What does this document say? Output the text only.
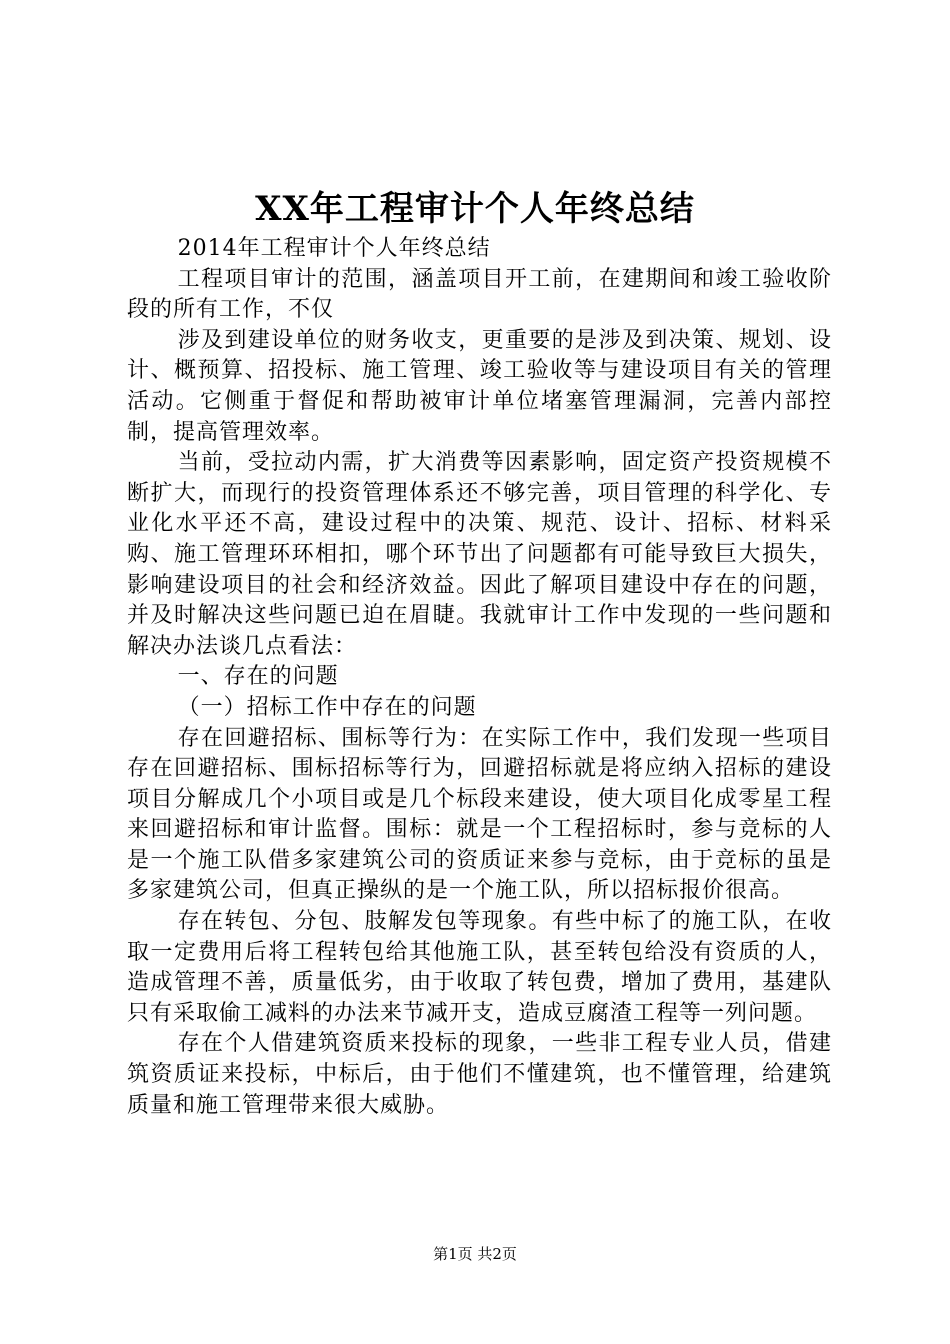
XX年工程审计个人年终总结

2014年工程审计个人年终总结

工程项目审计的范围，涵盖项目开工前，在建期间和竣工验收阶段的所有工作，不仅

涉及到建设单位的财务收支，更重要的是涉及到决策、规划、设计、概预算、招投标、施工管理、竣工验收等与建设项目有关的管理活动。它侧重于督促和帮助被审计单位堵塞管理漏洞，完善内部控制，提高管理效率。

当前，受拉动内需，扩大消费等因素影响，固定资产投资规模不断扩大，而现行的投资管理体系还不够完善，项目管理的科学化、专业化水平还不高，建设过程中的决策、规范、设计、招标、材料采购、施工管理环环相扣，哪个环节出了问题都有可能导致巨大损失，影响建设项目的社会和经济效益。因此了解项目建设中存在的问题，并及时解决这些问题已迫在眉睫。我就审计工作中发现的一些问题和解决办法谈几点看法：

一、存在的问题

（一）招标工作中存在的问题

存在回避招标、围标等行为：在实际工作中，我们发现一些项目存在回避招标、围标招标等行为，回避招标就是将应纳入招标的建设项目分解成几个小项目或是几个标段来建设，使大项目化成零星工程来回避招标和审计监督。围标：就是一个工程招标时，参与竞标的人是一个施工队借多家建筑公司的资质证来参与竞标，由于竞标的虽是多家建筑公司，但真正操纵的是一个施工队，所以招标报价很高。

存在转包、分包、肢解发包等现象。有些中标了的施工队，在收取一定费用后将工程转包给其他施工队，甚至转包给没有资质的人，造成管理不善，质量低劣，由于收取了转包费，增加了费用，基建队只有采取偷工减料的办法来节减开支，造成豆腐渣工程等一列问题。

存在个人借建筑资质来投标的现象，一些非工程专业人员，借建筑资质证来投标，中标后，由于他们不懂建筑，也不懂管理，给建筑质量和施工管理带来很大威胁。

第1页 共2页
